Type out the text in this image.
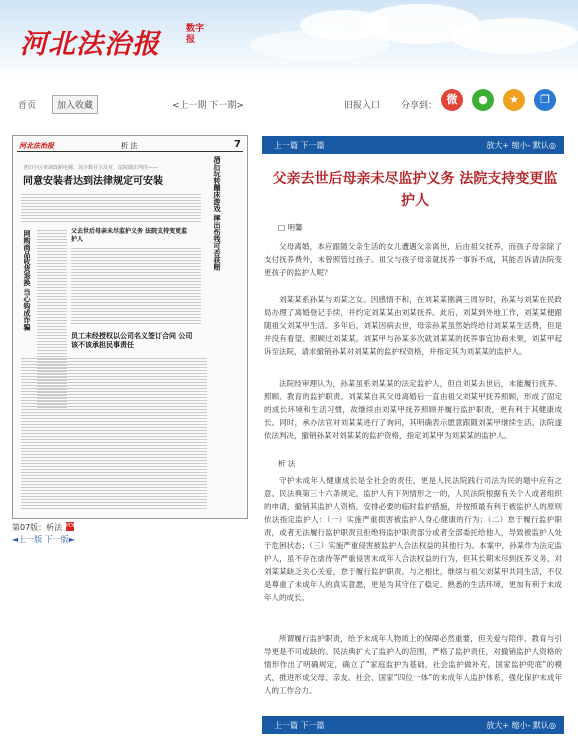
河北法治报	数字报
首页	加入收藏	<上一期 下一期>	旧报入口 分享到： 微	●	★	❐
河北法治报	析 法	7
老旧小区单调改陋电梯，邻少数业主反对，法院做出判决——
同意安装者达到法律规定可安装	酒后玩转蹦床游戏 摔出伤残可否获赔
网购商品收货退换 当心钩成诈骗	父去世后母亲未尽监护义务 法院支持变更监护人
员工未经授权以公司名义签订合同 公司该不该承担民事责任
第07版：析法 PDF
◄上一版 下一版►
上一篇 下一篇	放大+ 缩小- 默认◎
父亲去世后母亲未尽监护义务 法院支持变更监护人
□ 明馨
父母离婚，本应跟随父亲生活的女儿遭遇父亲离世，后由祖父抚养，而孩子母亲除了支付抚养费外，未曾照管过孩子。祖父与孩子母亲就抚养一事诉不成，其能否诉请法院变更孩子的监护人呢？
刘某某系孙某与刘某之女。因感情不和，在刘某某刚满三周岁时，孙某与刘某在民政局办理了离婚登记手续，并约定刘某某由刘某抚养。此后，刘某到外地工作，刘某某便跟随祖父刘某甲生活。多年后，刘某因病去世，母亲孙某虽然始终给付刘某某生活费，但是并没有看望、照顾过刘某某。刘某甲与孙某多次就刘某某的抚养事宜协商未果，刘某甲起诉至法院，请求撤销孙某对刘某某的监护权资格，并指定其为刘某某的监护人。
法院经审理认为，孙某虽系刘某某的法定监护人，但自刘某去世后，未能履行抚养、照顾、教育的监护职责。刘某某自其父母离婚后一直由祖父刘某甲抚养照顾，形成了固定的成长环境和生活习惯，故继续由刘某甲抚养照顾并履行监护职责，更有利于其健康成长。同时，承办法官对刘某某进行了询问，其明确表示愿意跟随刘某甲继续生活。法院遂依法判决，撤销孙某对刘某某的监护资格，指定刘某甲为刘某某的监护人。
析 法
守护未成年人健康成长是全社会的责任，更是人民法院践行司法为民的题中应有之意。民法典第三十六条规定，监护人有下列情形之一的，人民法院根据有关个人或者组织的申请，撤销其监护人资格，安排必要的临时监护措施，并按照最有利于被监护人的原则依法指定监护人：（一）实施严重损害被监护人身心健康的行为；（二）怠于履行监护职责，或者无法履行监护职责且拒绝将监护职责部分或者全部委托给他人，导致被监护人处于危困状态；（三）实施严重侵害被监护人合法权益的其他行为。本案中，孙某作为法定监护人，虽不存在虐待等严重侵害未成年人合法权益的行为，但其长期未尽到抚养义务，对刘某某缺乏关心关爱，怠于履行监护职责。与之相比，继续与祖父刘某甲共同生活，不仅是尊重了未成年人的真实意愿，更是为其守住了稳定、熟悉的生活环境，更加有利于未成年人的成长。
所谓履行监护职责，给予未成年人物质上的保障必然重要，但关爱与陪伴、教育与引导更是不可或缺的。民法典扩大了监护人的范围，严格了监护责任，对撤销监护人资格的情形作出了明确规定，确立了“家庭监护为基础，社会监护做补充，国家监护兜底”的模式，推进形成父母、亲友、社会、国家“四位一体”的未成年人监护体系，强化保护未成年人的工作合力。
上一篇 下一篇	放大+ 缩小- 默认◎
